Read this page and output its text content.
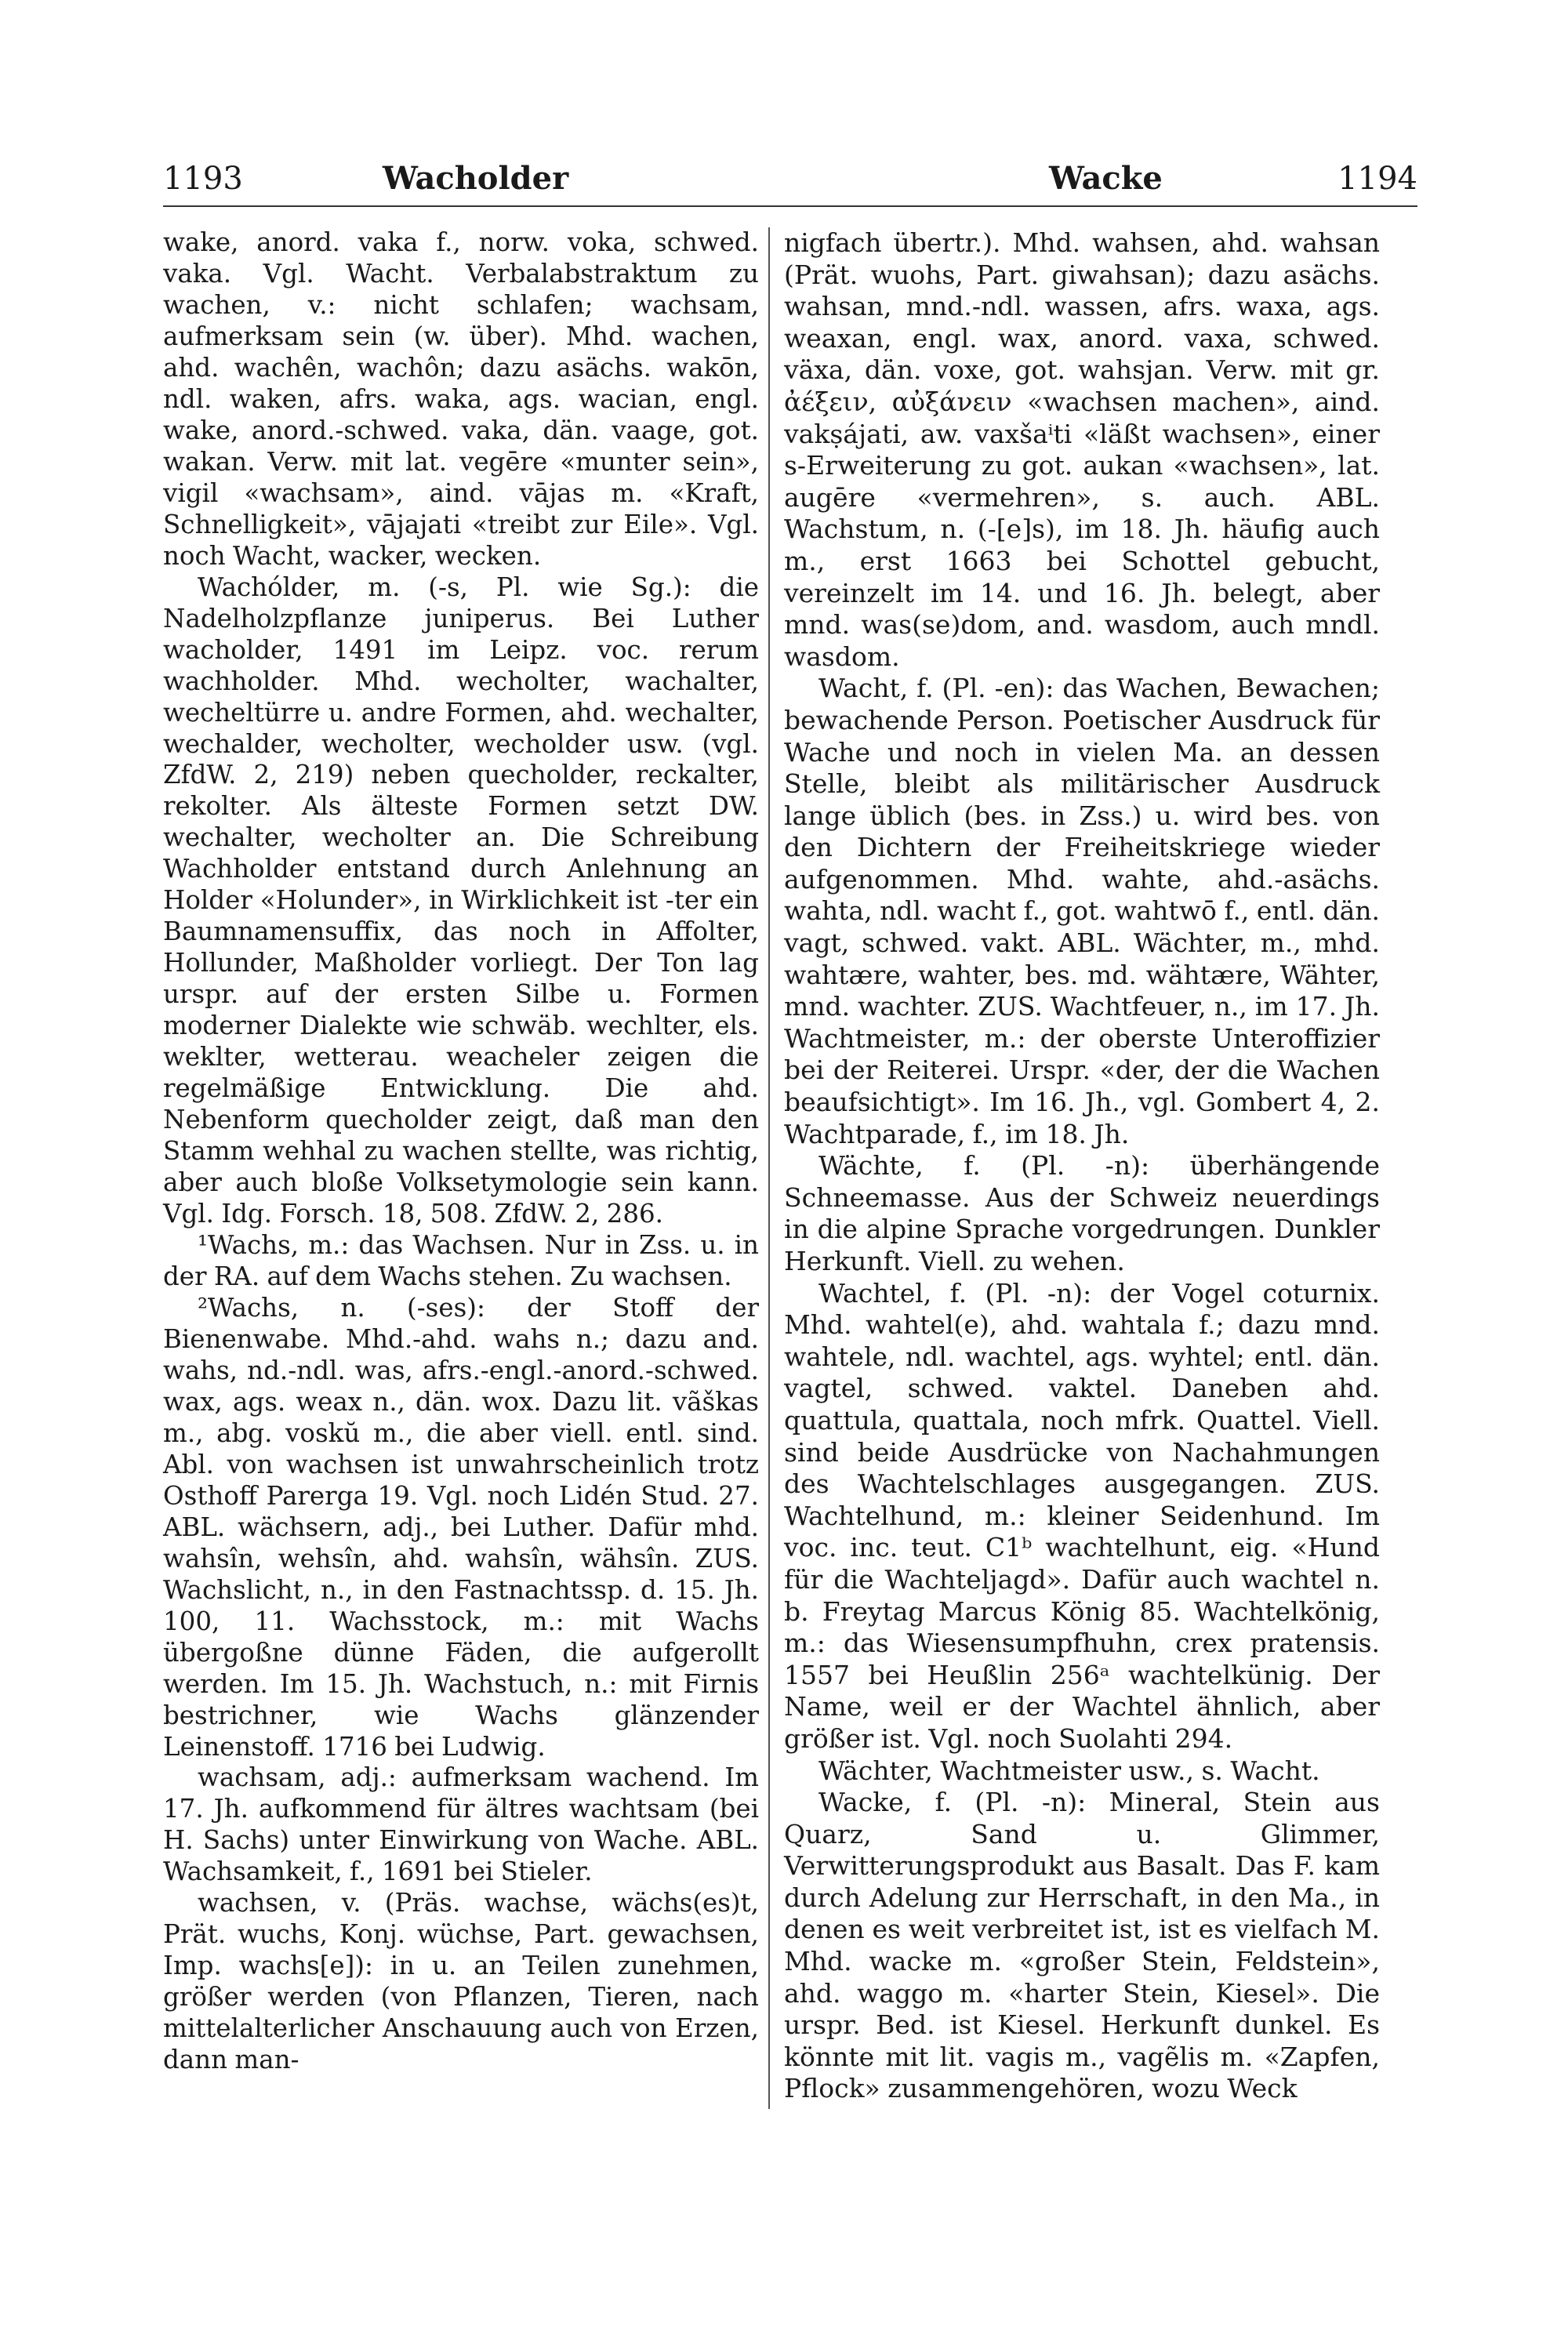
1193	Wacholder	Wacke	1194

wake, anord. vaka f., norw. voka, schwed. vaka. Vgl. Wacht. Verbalabstraktum zu wachen, v.: nicht schlafen; wachsam, aufmerksam sein (w. über). Mhd. wachen, ahd. wachên, wachôn; dazu asächs. wakōn, ndl. waken, afrs. waka, ags. wacian, engl. wake, anord.-schwed. vaka, dän. vaage, got. wakan. Verw. mit lat. vegēre «munter sein», vigil «wachsam», aind. vājas m. «Kraft, Schnelligkeit», vājajati «treibt zur Eile». Vgl. noch Wacht, wacker, wecken.

Wachólder, m. (-s, Pl. wie Sg.): die Nadelholzpflanze juniperus. Bei Luther wacholder, 1491 im Leipz. voc. rerum wachholder. Mhd. wecholter, wachalter, wecheltürre u. andre Formen, ahd. wechalter, wechalder, wecholter, wecholder usw. (vgl. ZfdW. 2, 219) neben quecholder, reckalter, rekolter. Als älteste Formen setzt DW. wechalter, wecholter an. Die Schreibung Wachholder entstand durch Anlehnung an Holder «Holunder», in Wirklichkeit ist -ter ein Baumnamensuffix, das noch in Affolter, Hollunder, Maßholder vorliegt. Der Ton lag urspr. auf der ersten Silbe u. Formen moderner Dialekte wie schwäb. wechlter, els. weklter, wetterau. weacheler zeigen die regelmäßige Entwicklung. Die ahd. Nebenform quecholder zeigt, daß man den Stamm wehhal zu wachen stellte, was richtig, aber auch bloße Volksetymologie sein kann. Vgl. Idg. Forsch. 18, 508. ZfdW. 2, 286.

¹Wachs, m.: das Wachsen. Nur in Zss. u. in der RA. auf dem Wachs stehen. Zu wachsen.

²Wachs, n. (-ses): der Stoff der Bienenwabe. Mhd.-ahd. wahs n.; dazu and. wahs, nd.-ndl. was, afrs.-engl.-anord.-schwed. wax, ags. weax n., dän. wox. Dazu lit. vãškas m., abg. voskŭ m., die aber viell. entl. sind. Abl. von wachsen ist unwahrscheinlich trotz Osthoff Parerga 19. Vgl. noch Lidén Stud. 27. ABL. wächsern, adj., bei Luther. Dafür mhd. wahsîn, wehsîn, ahd. wahsîn, wähsîn. ZUS. Wachslicht, n., in den Fastnachtssp. d. 15. Jh. 100, 11. Wachsstock, m.: mit Wachs übergoßne dünne Fäden, die aufgerollt werden. Im 15. Jh. Wachstuch, n.: mit Firnis bestrichner, wie Wachs glänzender Leinenstoff. 1716 bei Ludwig.

wachsam, adj.: aufmerksam wachend. Im 17. Jh. aufkommend für ältres wachtsam (bei H. Sachs) unter Einwirkung von Wache. ABL. Wachsamkeit, f., 1691 bei Stieler.

wachsen, v. (Präs. wachse, wächs(es)t, Prät. wuchs, Konj. wüchse, Part. gewachsen, Imp. wachs[e]): in u. an Teilen zunehmen, größer werden (von Pflanzen, Tieren, nach mittelalterlicher Anschauung auch von Erzen, dann man-

nigfach übertr.). Mhd. wahsen, ahd. wahsan (Prät. wuohs, Part. giwahsan); dazu asächs. wahsan, mnd.-ndl. wassen, afrs. waxa, ags. weaxan, engl. wax, anord. vaxa, schwed. växa, dän. voxe, got. wahsjan. Verw. mit gr. ἀέξειν, αὐξάνειν «wachsen machen», aind. vakṣájati, aw. vaxšaⁱti «läßt wachsen», einer s-Erweiterung zu got. aukan «wachsen», lat. augēre «vermehren», s. auch. ABL. Wachstum, n. (-[e]s), im 18. Jh. häufig auch m., erst 1663 bei Schottel gebucht, vereinzelt im 14. und 16. Jh. belegt, aber mnd. was(se)dom, and. wasdom, auch mndl. wasdom.

Wacht, f. (Pl. -en): das Wachen, Bewachen; bewachende Person. Poetischer Ausdruck für Wache und noch in vielen Ma. an dessen Stelle, bleibt als militärischer Ausdruck lange üblich (bes. in Zss.) u. wird bes. von den Dichtern der Freiheitskriege wieder aufgenommen. Mhd. wahte, ahd.-asächs. wahta, ndl. wacht f., got. wahtwō f., entl. dän. vagt, schwed. vakt. ABL. Wächter, m., mhd. wahtære, wahter, bes. md. wähtære, Wähter, mnd. wachter. ZUS. Wachtfeuer, n., im 17. Jh. Wachtmeister, m.: der oberste Unteroffizier bei der Reiterei. Urspr. «der, der die Wachen beaufsichtigt». Im 16. Jh., vgl. Gombert 4, 2. Wachtparade, f., im 18. Jh.

Wächte, f. (Pl. -n): überhängende Schneemasse. Aus der Schweiz neuerdings in die alpine Sprache vorgedrungen. Dunkler Herkunft. Viell. zu wehen.

Wachtel, f. (Pl. -n): der Vogel coturnix. Mhd. wahtel(e), ahd. wahtala f.; dazu mnd. wahtele, ndl. wachtel, ags. wyhtel; entl. dän. vagtel, schwed. vaktel. Daneben ahd. quattula, quattala, noch mfrk. Quattel. Viell. sind beide Ausdrücke von Nachahmungen des Wachtelschlages ausgegangen. ZUS. Wachtelhund, m.: kleiner Seidenhund. Im voc. inc. teut. C1ᵇ wachtelhunt, eig. «Hund für die Wachteljagd». Dafür auch wachtel n. b. Freytag Marcus König 85. Wachtelkönig, m.: das Wiesensumpfhuhn, crex pratensis. 1557 bei Heußlin 256ᵃ wachtelkünig. Der Name, weil er der Wachtel ähnlich, aber größer ist. Vgl. noch Suolahti 294.

Wächter, Wachtmeister usw., s. Wacht.

Wacke, f. (Pl. -n): Mineral, Stein aus Quarz, Sand u. Glimmer, Verwitterungsprodukt aus Basalt. Das F. kam durch Adelung zur Herrschaft, in den Ma., in denen es weit verbreitet ist, ist es vielfach M. Mhd. wacke m. «großer Stein, Feldstein», ahd. waggo m. «harter Stein, Kiesel». Die urspr. Bed. ist Kiesel. Herkunft dunkel. Es könnte mit lit. vagis m., vagẽlis m. «Zapfen, Pflock» zusammengehören, wozu Weck
